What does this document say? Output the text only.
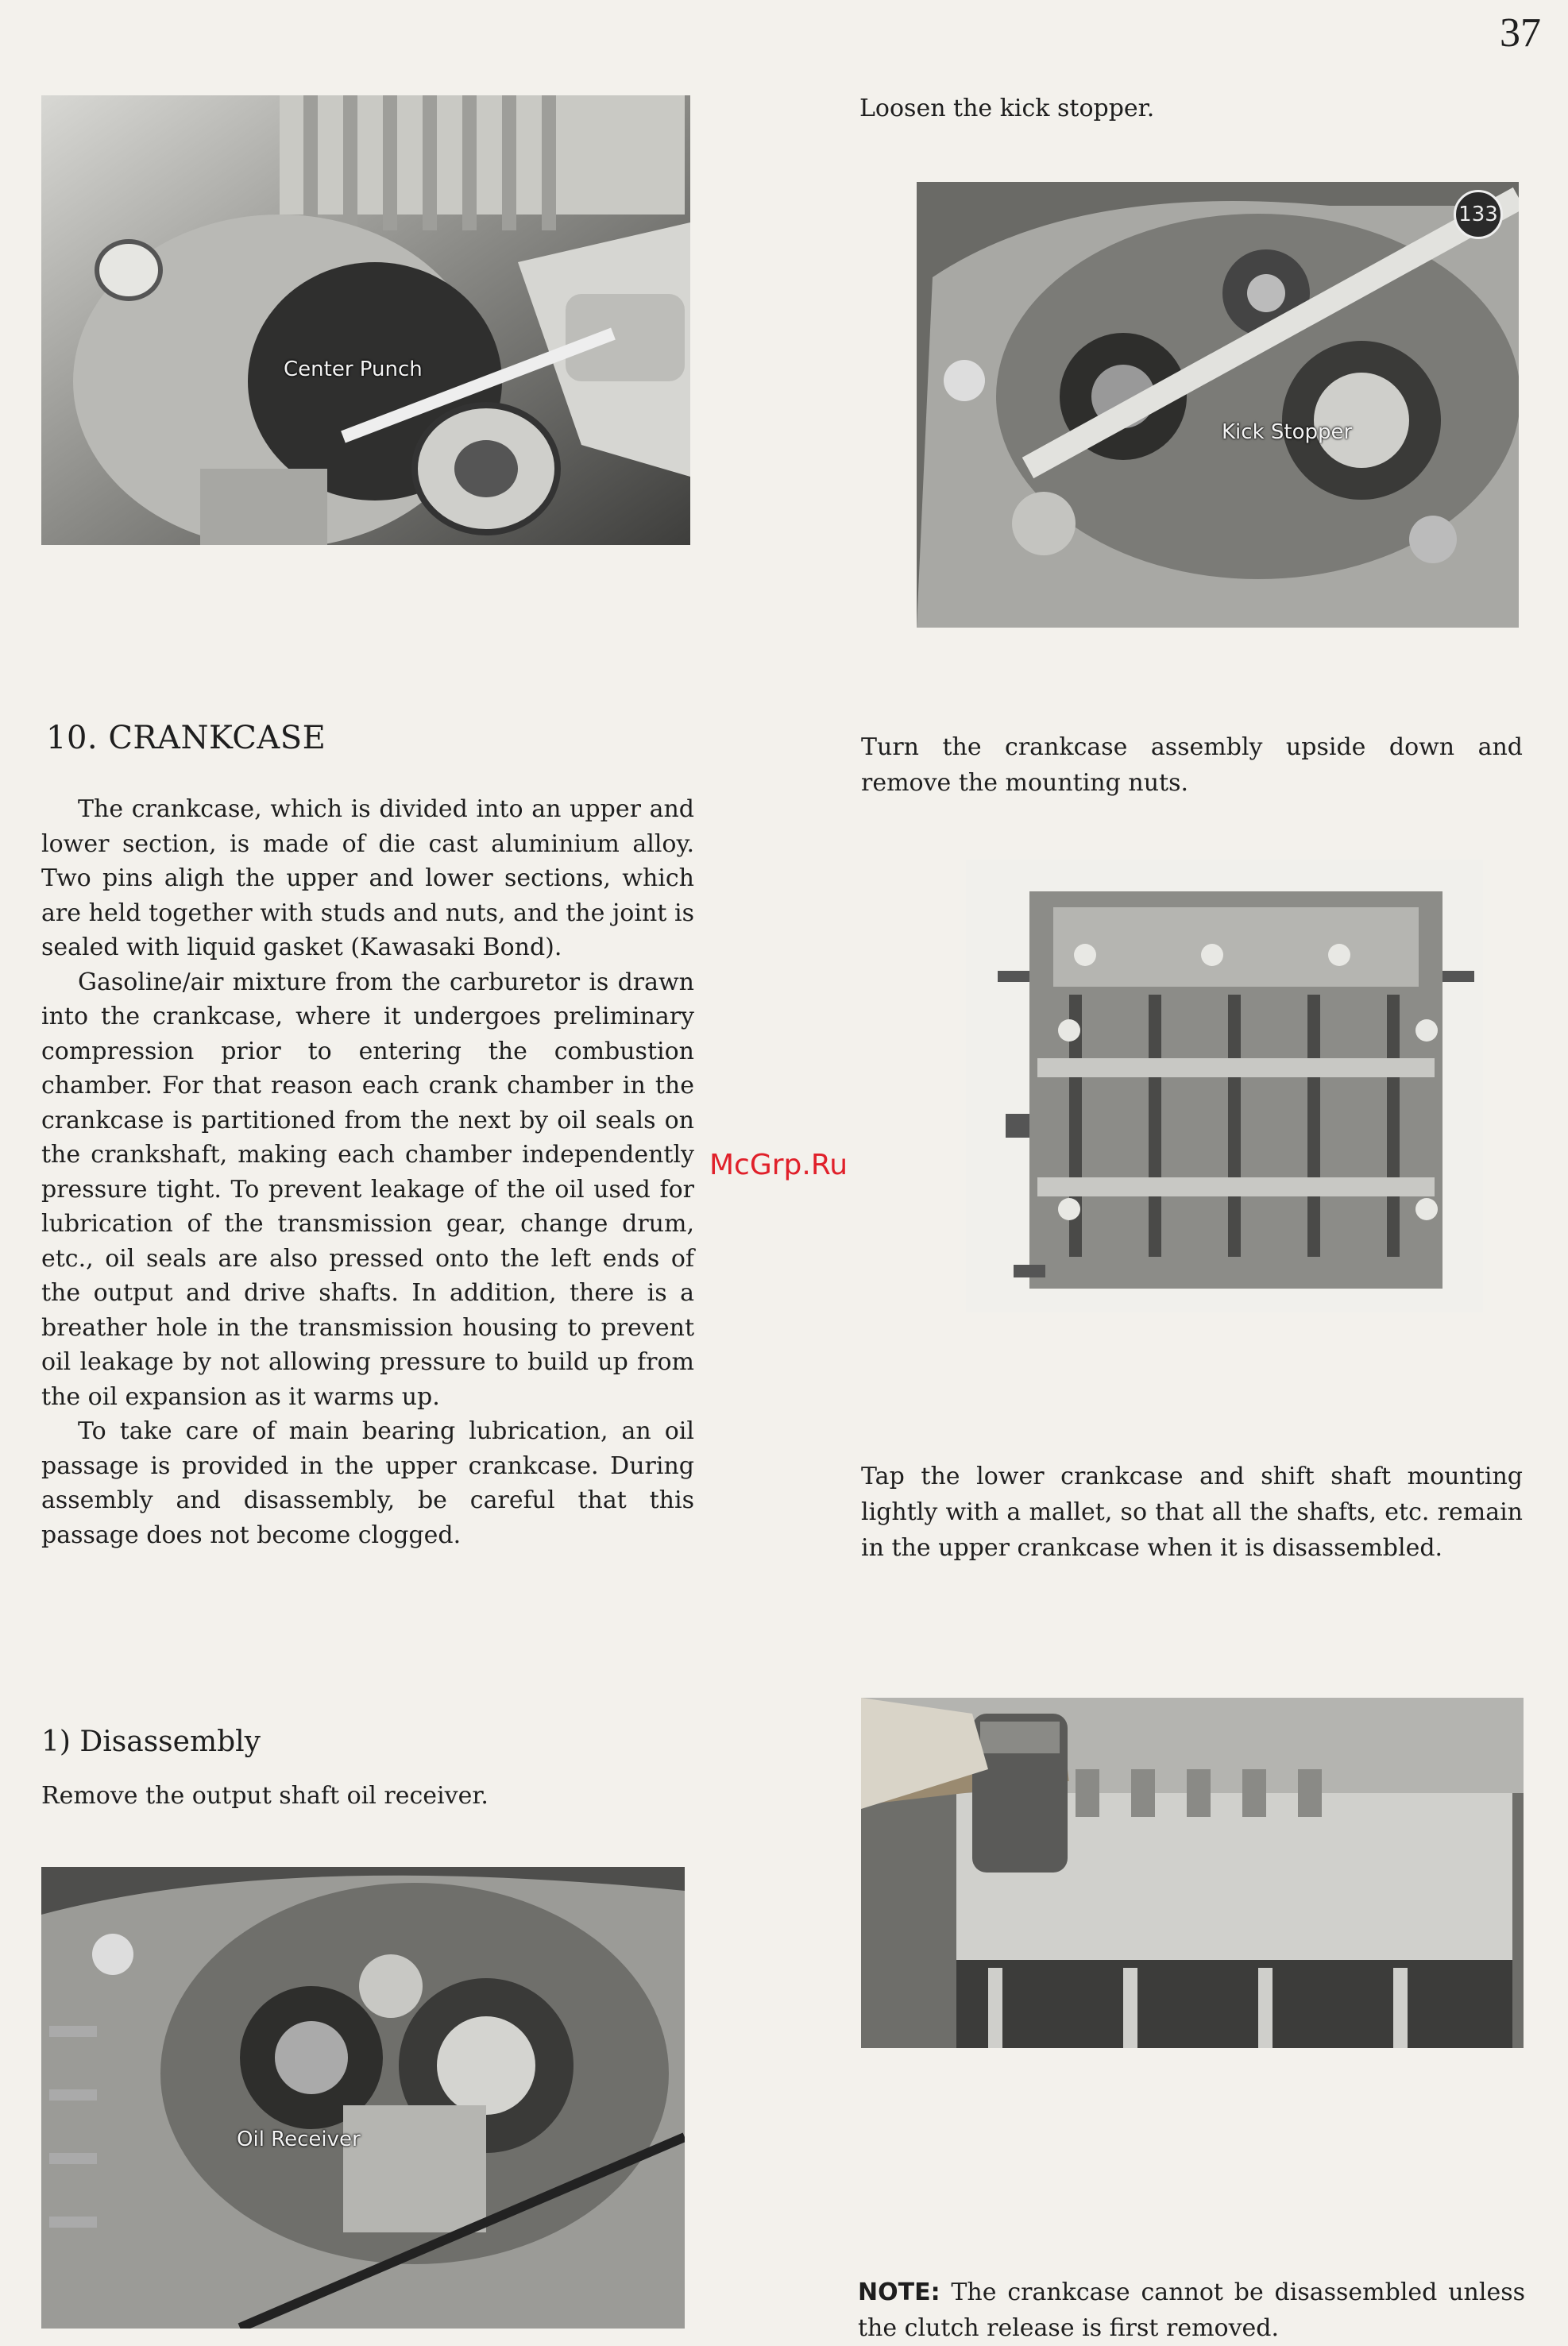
37
McGrp.Ru
Center Punch
Kick Stopper
133
Oil Receiver
10. CRANKCASE

The crankcase, which is divided into an upper and lower section, is made of die cast aluminium alloy. Two pins aligh the upper and lower sections, which are held together with studs and nuts, and the joint is sealed with liquid gasket (Kawasaki Bond).

Gasoline/air mixture from the carburetor is drawn into the crankcase, where it undergoes preliminary compression prior to entering the combustion chamber. For that reason each crank chamber in the crankcase is partitioned from the next by oil seals on the crankshaft, making each chamber independently pressure tight. To prevent leakage of the oil used for lubrication of the transmission gear, change drum, etc., oil seals are also pressed onto the left ends of the output and drive shafts. In addition, there is a breather hole in the transmission housing to prevent oil leakage by not allowing pressure to build up from the oil expansion as it warms up.

To take care of main bearing lubrication, an oil passage is provided in the upper crankcase. During assembly and disassembly, be careful that this passage does not become clogged.

1) Disassembly
Remove the output shaft oil receiver.
Loosen the kick stopper.
Turn the crankcase assembly upside down and remove the mounting nuts.
Tap the lower crankcase and shift shaft mounting lightly with a mallet, so that all the shafts, etc. remain in the upper crankcase when it is disassembled.
NOTE: The crankcase cannot be disassembled unless the clutch release is first removed.
